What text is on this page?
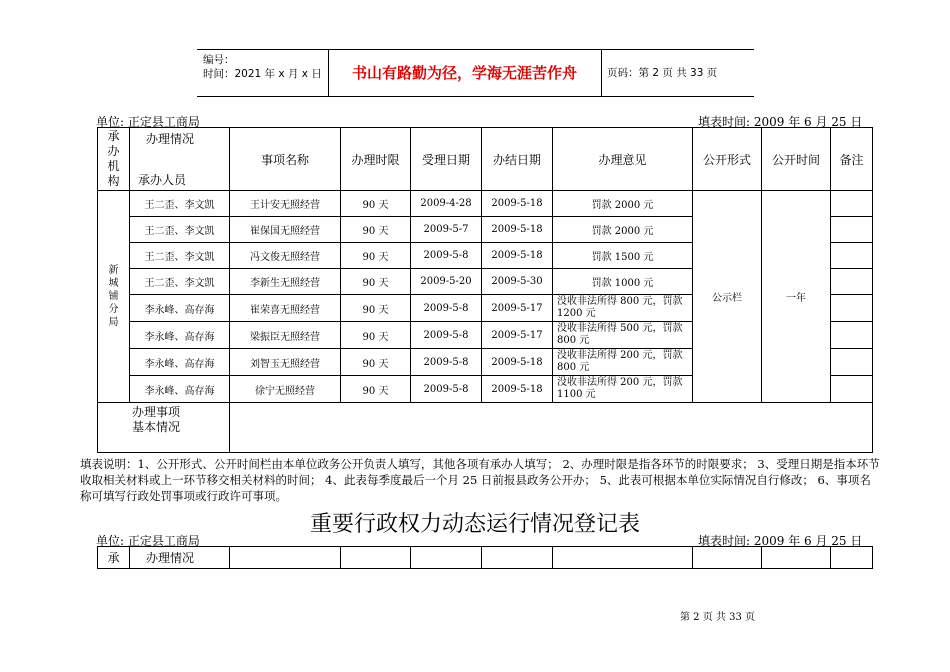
编号：
时间：2021 年 x 月 x 日	书山有路勤为径，学海无涯苦作舟	页码：第 2 页 共 33 页
单位: 正定县工商局	填表时间: 2009 年 6 月 25 日
承办机构	办理情况
承办人员	事项名称	办理时限	受理日期	办结日期	办理意见	公开形式	公开时间	备注
新城铺分局	王二歪、李文凯	王计安无照经营	90 天	2009-4-28	2009-5-18	罚款 2000 元	公示栏	一年	
	王二歪、李文凯	崔保国无照经营	90 天	2009-5-7	2009-5-18	罚款 2000 元			
	王二歪、李文凯	冯文俊无照经营	90 天	2009-5-8	2009-5-18	罚款 1500 元			
	王二歪、李文凯	李新生无照经营	90 天	2009-5-20	2009-5-30	罚款 1000 元			
	李永峰、高存海	崔荣喜无照经营	90 天	2009-5-8	2009-5-17	没收非法所得 800 元，罚款 1200 元			
	李永峰、高存海	梁振臣无照经营	90 天	2009-5-8	2009-5-17	没收非法所得 500 元，罚款 800 元			
	李永峰、高存海	刘智玉无照经营	90 天	2009-5-8	2009-5-18	没收非法所得 200 元，罚款 800 元			
	李永峰、高存海	徐宁无照经营	90 天	2009-5-8	2009-5-18	没收非法所得 200 元，罚款 1100 元			

办理事项基本情况									

填表说明：1、公开形式、公开时间栏由本单位政务公开负责人填写，其他各项有承办人填写； 2、办理时限是指各环节的时限要求； 3、受理日期是指本环节收取相关材料或上一环节移交相关材料的时间； 4、此表每季度最后一个月 25 日前报县政务公开办； 5、此表可根据本单位实际情况自行修改； 6、事项名称可填写行政处罚事项或行政许可事项。
重要行政权力动态运行情况登记表
单位: 正定县工商局	填表时间: 2009 年 6 月 25 日
承	办理情况								
第 2 页 共 33 页
